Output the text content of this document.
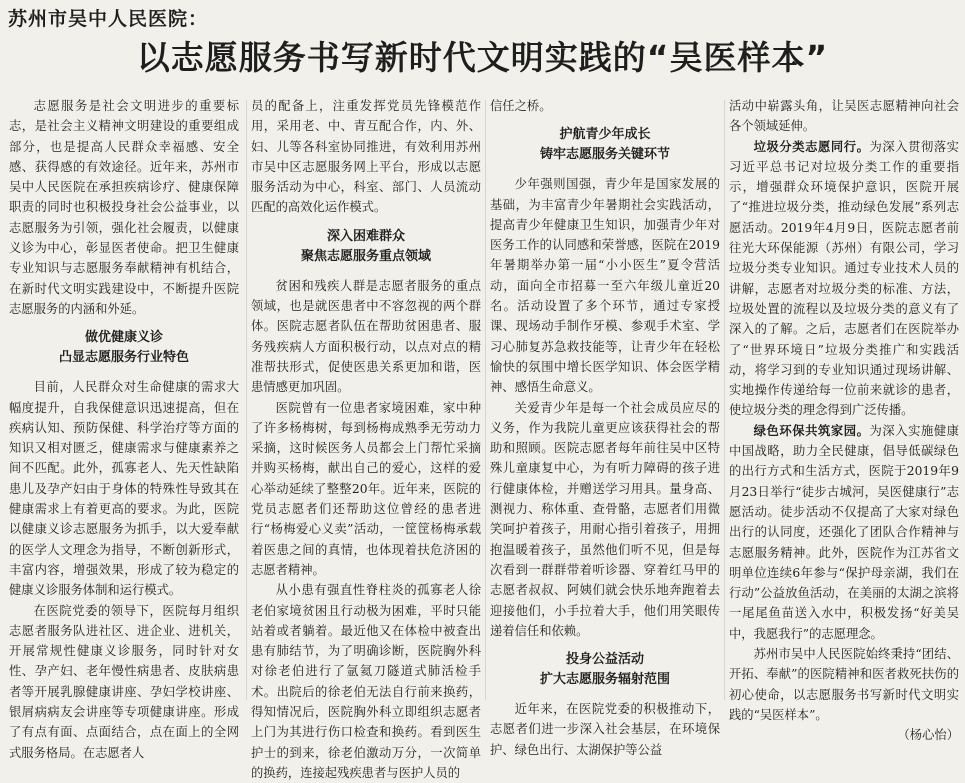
苏州市吴中人民医院：
以志愿服务书写新时代文明实践的“吴医样本”

志愿服务是社会文明进步的重要标志，是社会主义精神文明建设的重要组成部分，也是提高人民群众幸福感、安全感、获得感的有效途径。近年来，苏州市吴中人民医院在承担疾病诊疗、健康保障职责的同时也积极投身社会公益事业，以志愿服务为引领，强化社会履责，以健康义诊为中心，彰显医者使命。把卫生健康专业知识与志愿服务奉献精神有机结合，在新时代文明实践建设中，不断提升医院志愿服务的内涵和外延。

做优健康义诊
凸显志愿服务行业特色

目前，人民群众对生命健康的需求大幅度提升，自我保健意识迅速提高，但在疾病认知、预防保健、科学治疗等方面的知识又相对匮乏，健康需求与健康素养之间不匹配。此外，孤寡老人、先天性缺陷患儿及孕产妇由于身体的特殊性导致其在健康需求上有着更高的要求。为此，医院以健康义诊志愿服务为抓手，以大爱奉献的医学人文理念为指导，不断创新形式，丰富内容，增强效果，形成了较为稳定的健康义诊服务体制和运行模式。

在医院党委的领导下，医院每月组织志愿者服务队进社区、进企业、进机关，开展常规性健康义诊服务，同时针对女性、孕产妇、老年慢性病患者、皮肤病患者等开展乳腺健康讲座、孕妇学校讲座、银屑病病友会讲座等专项健康讲座。形成了有点有面、点面结合，点在面上的全网式服务格局。在志愿者人

员的配备上，注重发挥党员先锋模范作用，采用老、中、青互配合作，内、外、妇、儿等各科室协同推进，有效利用苏州市吴中区志愿服务网上平台，形成以志愿服务活动为中心，科室、部门、人员流动匹配的高效化运作模式。

深入困难群众
聚焦志愿服务重点领域

贫困和残疾人群是志愿者服务的重点领域，也是就医患者中不容忽视的两个群体。医院志愿者队伍在帮助贫困患者、服务残疾病人方面积极行动，以点对点的精准帮扶形式，促使医患关系更加和谐，医患情感更加巩固。

医院曾有一位患者家境困难，家中种了许多杨梅树，每到杨梅成熟季无劳动力采摘，这时候医务人员都会上门帮忙采摘并购买杨梅，献出自己的爱心，这样的爱心举动延续了整整20年。近年来，医院的党员志愿者们还帮助这位曾经的患者进行“杨梅爱心义卖”活动，一筐筐杨梅承载着医患之间的真情，也体现着扶危济困的志愿者精神。

从小患有强直性脊柱炎的孤寡老人徐老伯家境贫困且行动极为困难，平时只能站着或者躺着。最近他又在体检中被查出患有肺结节，为了明确诊断，医院胸外科对徐老伯进行了氩氦刀隧道式肺活检手术。出院后的徐老伯无法自行前来换药，得知情况后，医院胸外科立即组织志愿者上门为其进行伤口检查和换药。看到医生护士的到来，徐老伯激动万分，一次简单的换药，连接起残疾患者与医护人员的

信任之桥。

护航青少年成长
铸牢志愿服务关键环节

少年强则国强，青少年是国家发展的基础，为丰富青少年暑期社会实践活动，提高青少年健康卫生知识，加强青少年对医务工作的认同感和荣誉感，医院在2019年暑期举办第一届“小小医生”夏令营活动，面向全市招募一至六年级儿童近20名。活动设置了多个环节，通过专家授课、现场动手制作牙模、参观手术室、学习心肺复苏急救技能等，让青少年在轻松愉快的氛围中增长医学知识、体会医学精神、感悟生命意义。

关爱青少年是每一个社会成员应尽的义务，作为我院儿童更应该获得社会的帮助和照顾。医院志愿者每年前往吴中区特殊儿童康复中心，为有听力障碍的孩子进行健康体检，并赠送学习用具。量身高、测视力、称体重、查骨骼，志愿者们用微笑呵护着孩子，用耐心指引着孩子，用拥抱温暖着孩子，虽然他们听不见，但是每次看到一群群带着听诊器、穿着红马甲的志愿者叔叔、阿姨们就会快乐地奔跑着去迎接他们，小手拉着大手，他们用笑眼传递着信任和依赖。

投身公益活动
扩大志愿服务辐射范围

近年来，在医院党委的积极推动下，志愿者们进一步深入社会基层，在环境保护、绿色出行、太湖保护等公益

活动中崭露头角，让吴医志愿精神向社会各个领域延伸。

垃圾分类志愿同行。为深入贯彻落实习近平总书记对垃圾分类工作的重要指示，增强群众环境保护意识，医院开展了“推进垃圾分类，推动绿色发展”系列志愿活动。2019年4月9日，医院志愿者前往光大环保能源（苏州）有限公司，学习垃圾分类专业知识。通过专业技术人员的讲解，志愿者对垃圾分类的标准、方法，垃圾处置的流程以及垃圾分类的意义有了深入的了解。之后，志愿者们在医院举办了“世界环境日”垃圾分类推广和实践活动，将学习到的专业知识通过现场讲解、实地操作传递给每一位前来就诊的患者，使垃圾分类的理念得到广泛传播。

绿色环保共筑家园。为深入实施健康中国战略，助力全民健康，倡导低碳绿色的出行方式和生活方式，医院于2019年9月23日举行“徒步古城河，吴医健康行”志愿活动。徒步活动不仅提高了大家对绿色出行的认同度，还强化了团队合作精神与志愿服务精神。此外，医院作为江苏省文明单位连续6年参与“保护母亲湖，我们在行动”公益放鱼活动，在美丽的太湖之滨将一尾尾鱼苗送入水中，积极发扬“好美吴中，我愿我行”的志愿理念。

苏州市吴中人民医院始终秉持“团结、开拓、奉献”的医院精神和医者救死扶伤的初心使命，以志愿服务书写新时代文明实践的“吴医样本”。

（杨心怡）
